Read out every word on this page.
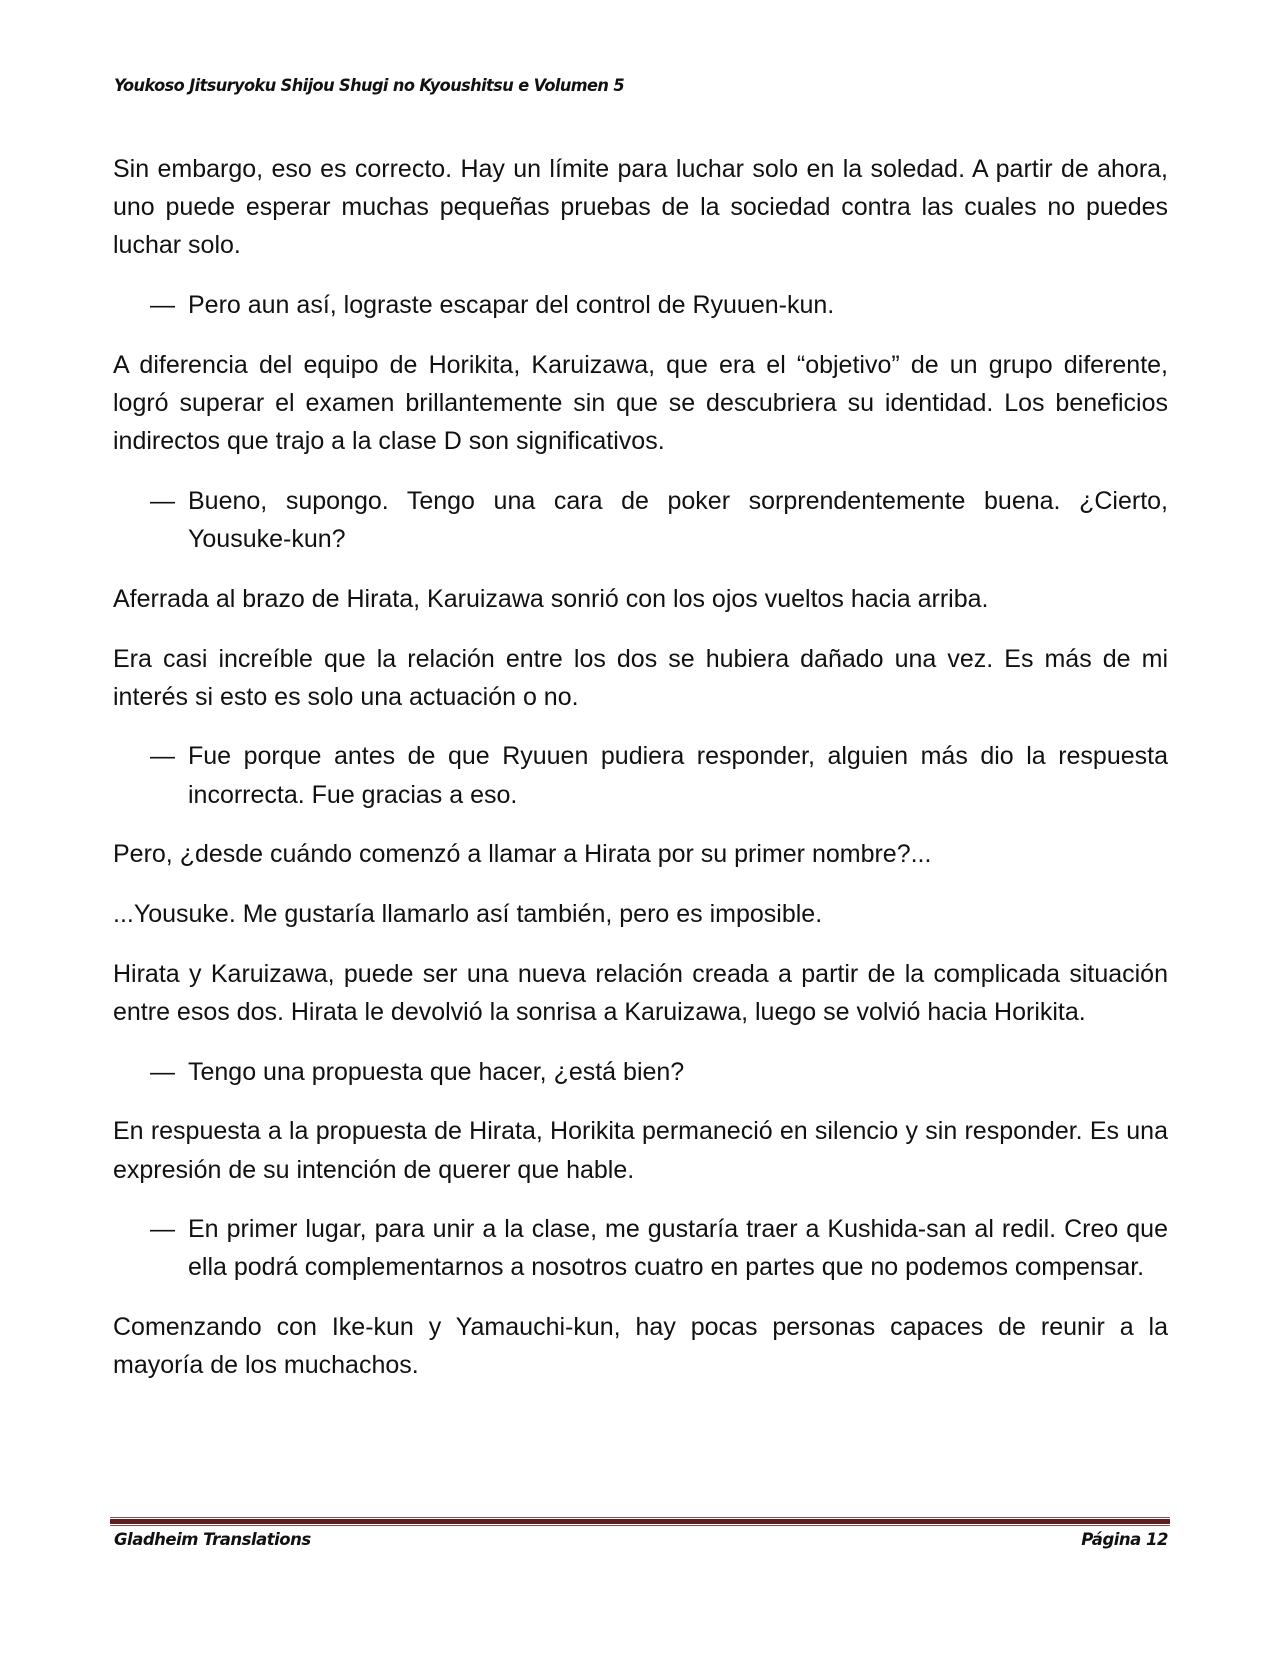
Youkoso Jitsuryoku Shijou Shugi no Kyoushitsu e Volumen 5

Sin embargo, eso es correcto. Hay un límite para luchar solo en la soledad. A partir de ahora, uno puede esperar muchas pequeñas pruebas de la sociedad contra las cuales no puedes luchar solo.

— Pero aun así, lograste escapar del control de Ryuuen-kun.

A diferencia del equipo de Horikita, Karuizawa, que era el “objetivo” de un grupo diferente, logró superar el examen brillantemente sin que se descubriera su identidad. Los beneficios indirectos que trajo a la clase D son significativos.

— Bueno, supongo. Tengo una cara de poker sorprendentemente buena. ¿Cierto, Yousuke-kun?

Aferrada al brazo de Hirata, Karuizawa sonrió con los ojos vueltos hacia arriba.

Era casi increíble que la relación entre los dos se hubiera dañado una vez. Es más de mi interés si esto es solo una actuación o no.

— Fue porque antes de que Ryuuen pudiera responder, alguien más dio la respuesta incorrecta. Fue gracias a eso.

Pero, ¿desde cuándo comenzó a llamar a Hirata por su primer nombre?...

...Yousuke. Me gustaría llamarlo así también, pero es imposible.

Hirata y Karuizawa, puede ser una nueva relación creada a partir de la complicada situación entre esos dos. Hirata le devolvió la sonrisa a Karuizawa, luego se volvió hacia Horikita.

— Tengo una propuesta que hacer, ¿está bien?

En respuesta a la propuesta de Hirata, Horikita permaneció en silencio y sin responder. Es una expresión de su intención de querer que hable.

— En primer lugar, para unir a la clase, me gustaría traer a Kushida-san al redil. Creo que ella podrá complementarnos a nosotros cuatro en partes que no podemos compensar.

Comenzando con Ike-kun y Yamauchi-kun, hay pocas personas capaces de reunir a la mayoría de los muchachos.

Gladheim Translations	Página 12
